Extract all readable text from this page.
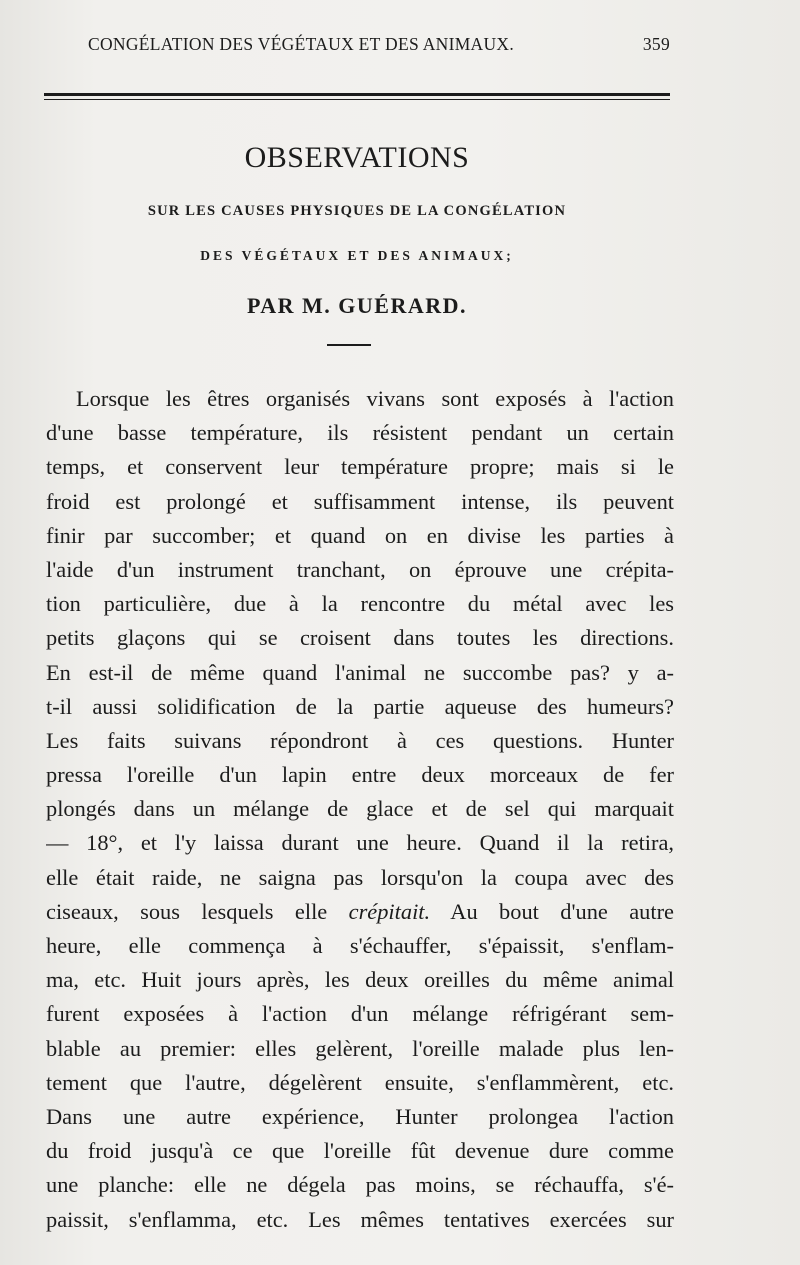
CONGÉLATION DES VÉGÉTAUX ET DES ANIMAUX.	359
OBSERVATIONS
SUR LES CAUSES PHYSIQUES DE LA CONGÉLATION
DES VÉGÉTAUX ET DES ANIMAUX;
PAR M. GUÉRARD.
Lorsque les êtres organisés vivans sont exposés à l'action
d'une basse température, ils résistent pendant un certain
temps, et conservent leur température propre; mais si le
froid est prolongé et suffisamment intense, ils peuvent
finir par succomber; et quand on en divise les parties à
l'aide d'un instrument tranchant, on éprouve une crépita-
tion particulière, due à la rencontre du métal avec les
petits glaçons qui se croisent dans toutes les directions.
En est-il de même quand l'animal ne succombe pas? y a-
t-il aussi solidification de la partie aqueuse des humeurs?
Les faits suivans répondront à ces questions. Hunter
pressa l'oreille d'un lapin entre deux morceaux de fer
plongés dans un mélange de glace et de sel qui marquait
— 18°, et l'y laissa durant une heure. Quand il la retira,
elle était raide, ne saigna pas lorsqu'on la coupa avec des
ciseaux, sous lesquels elle crépitait. Au bout d'une autre
heure, elle commença à s'échauffer, s'épaissit, s'enflam-
ma, etc. Huit jours après, les deux oreilles du même animal
furent exposées à l'action d'un mélange réfrigérant sem-
blable au premier: elles gelèrent, l'oreille malade plus len-
tement que l'autre, dégelèrent ensuite, s'enflammèrent, etc.
Dans une autre expérience, Hunter prolongea l'action
du froid jusqu'à ce que l'oreille fût devenue dure comme
une planche: elle ne dégela pas moins, se réchauffa, s'é-
paissit, s'enflamma, etc. Les mêmes tentatives exercées sur
